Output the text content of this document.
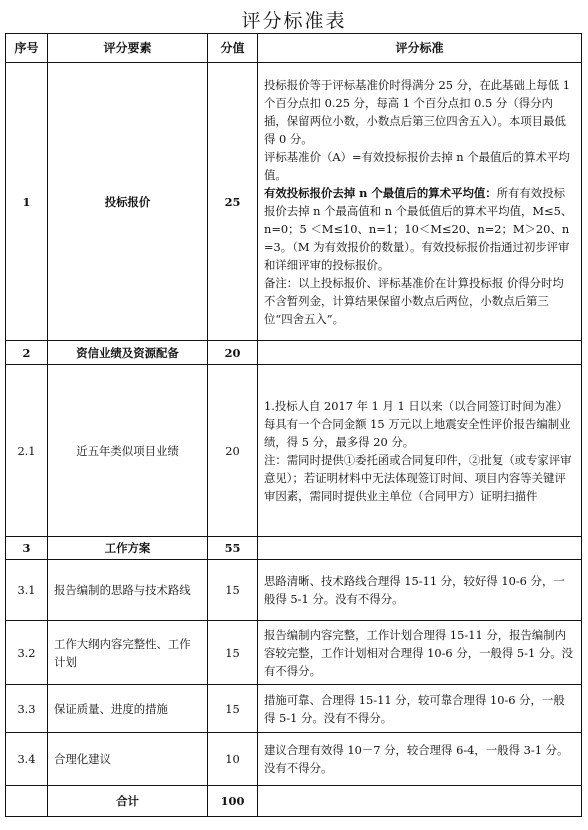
评分标准表
序号	评分要素	分值	评分标准
1	投标报价	25	投标报价等于评标基准价时得满分 25 分，在此基础上每低 1 个百分点扣 0.25 分，每高 1 个百分点扣 0.5 分（得分内插，保留两位小数，小数点后第三位四舍五入）。本项目最低得 0 分。

评标基准价（A）=有效投标报价去掉 n 个最值后的算术平均值。

有效投标报价去掉 n 个最值后的算术平均值：所有有效投标报价去掉 n 个最高值和 n 个最低值后的算术平均值，M≤5、n=0；5 ＜M≤10、n=1；10＜M≤20、n=2；M＞20、n=3。（M 为有效报价的数量）。有效投标报价指通过初步评审和详细评审的投标报价。

备注：以上投标报价、评标基准价在计算投标报 价得分时均不含暂列金，计算结果保留小数点后两位，小数点后第三位“四舍五入”。

2	资信业绩及资源配备	20	
2.1	近五年类似项目业绩	20	1.投标人自 2017 年 1 月 1 日以来（以合同签订时间为准）每具有一个合同金额 15 万元以上地震安全性评价报告编制业绩，得 5 分，最多得 20 分。

注：需同时提供①委托函或合同复印件，②批复（或专家评审意见）；若证明材料中无法体现签订时间、项目内容等关键评审因素，需同时提供业主单位（合同甲方）证明扫描件

3	工作方案	55	
3.1	报告编制的思路与技术路线	15	思路清晰、技术路线合理得 15-11 分，较好得 10-6 分，一般得 5-1 分。没有不得分。
3.2	工作大纲内容完整性、工作计划	15	报告编制内容完整，工作计划合理得 15-11 分，报告编制内容较完整，工作计划相对合理得 10-6 分，一般得 5-1 分。没有不得分。
3.3	保证质量、进度的措施	15	措施可靠、合理得 15-11 分，较可靠合理得 10-6 分，一般得 5-1 分。没有不得分。
3.4	合理化建议	10	建议合理有效得 10－7 分，较合理得 6-4，一般得 3-1 分。没有不得分。
	合计	100	
